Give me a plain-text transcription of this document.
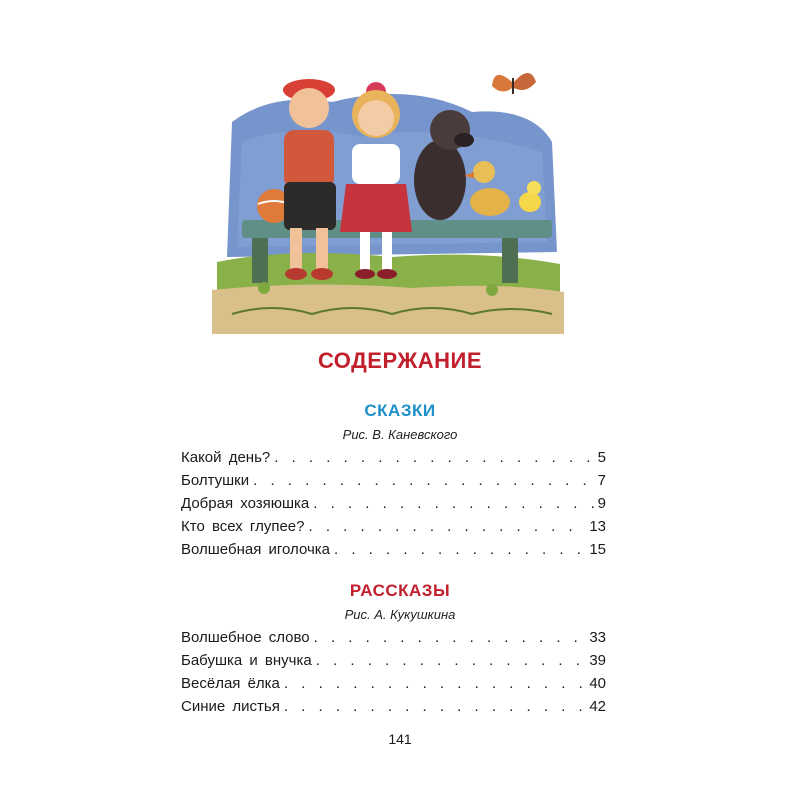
СОДЕРЖАНИЕ
СКАЗКИ
Рис. В. Каневского
Какой день? . . .	5
Болтушки . . .	7
Добрая хозяюшка . . .	9
Кто всех глупее? . . .	13
Волшебная иголочка . . .	15
РАССКАЗЫ
Рис. А. Кукушкина
Волшебное слово . . .	33
Бабушка и внучка . . .	39
Весёлая ёлка . . .	40
Синие листья . . .	42
141
